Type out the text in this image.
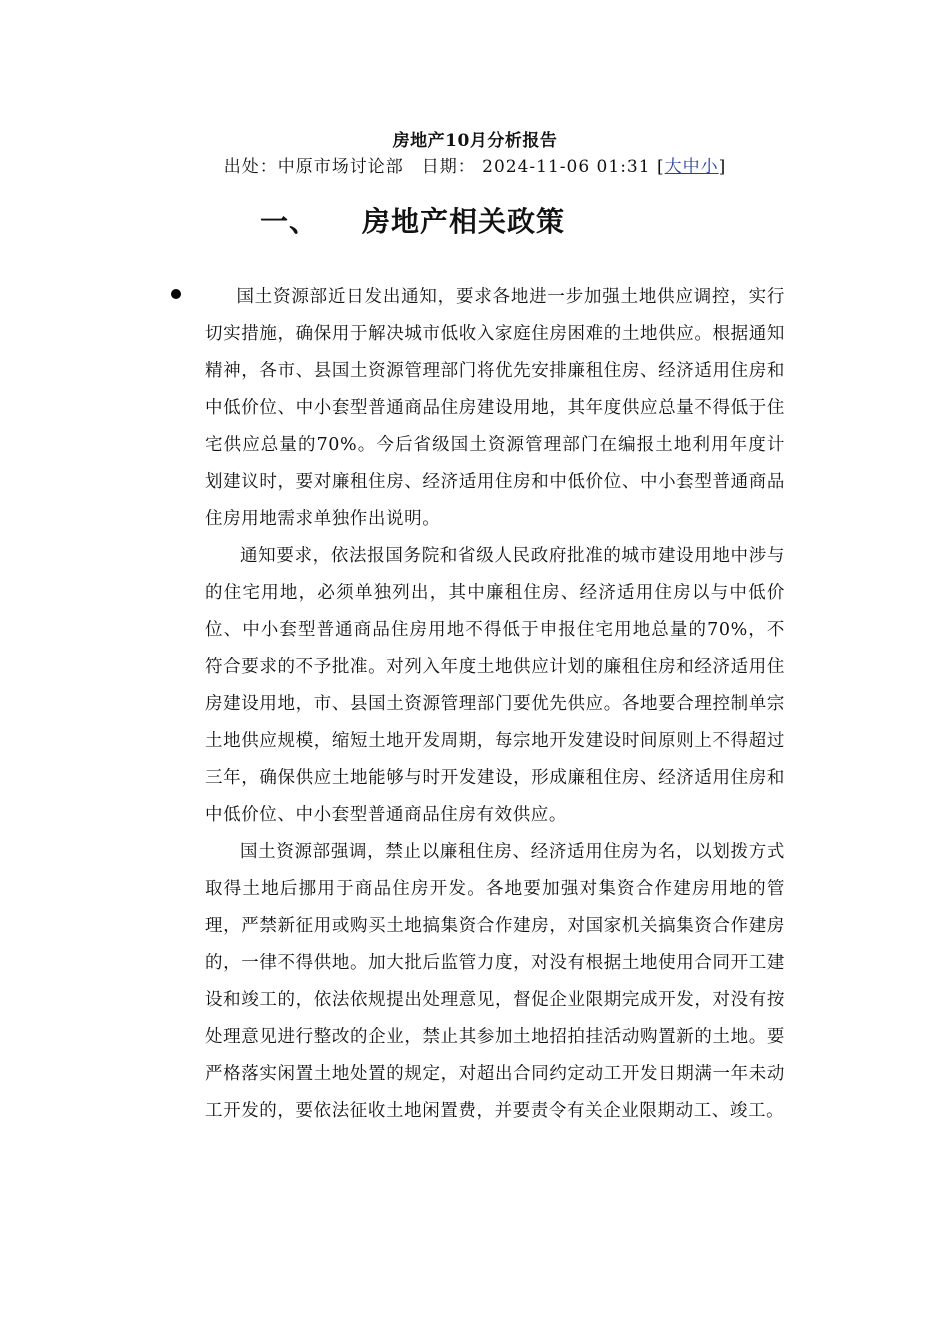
房地产10月分析报告
出处：中原市场讨论部 日期： 2024-11-06 01:31 [大中小]
一、 房地产相关政策

国土资源部近日发出通知，要求各地进一步加强土地供应调控，实行切实措施，确保用于解决城市低收入家庭住房困难的土地供应。根据通知精神，各市、县国土资源管理部门将优先安排廉租住房、经济适用住房和中低价位、中小套型普通商品住房建设用地，其年度供应总量不得低于住宅供应总量的70%。今后省级国土资源管理部门在编报土地利用年度计划建议时，要对廉租住房、经济适用住房和中低价位、中小套型普通商品住房用地需求单独作出说明。

通知要求，依法报国务院和省级人民政府批准的城市建设用地中涉与的住宅用地，必须单独列出，其中廉租住房、经济适用住房以与中低价位、中小套型普通商品住房用地不得低于申报住宅用地总量的70%，不符合要求的不予批准。对列入年度土地供应计划的廉租住房和经济适用住房建设用地，市、县国土资源管理部门要优先供应。各地要合理控制单宗土地供应规模，缩短土地开发周期，每宗地开发建设时间原则上不得超过三年，确保供应土地能够与时开发建设，形成廉租住房、经济适用住房和中低价位、中小套型普通商品住房有效供应。

国土资源部强调，禁止以廉租住房、经济适用住房为名，以划拨方式取得土地后挪用于商品住房开发。各地要加强对集资合作建房用地的管理，严禁新征用或购买土地搞集资合作建房，对国家机关搞集资合作建房的，一律不得供地。加大批后监管力度，对没有根据土地使用合同开工建设和竣工的，依法依规提出处理意见，督促企业限期完成开发，对没有按处理意见进行整改的企业，禁止其参加土地招拍挂活动购置新的土地。要严格落实闲置土地处置的规定，对超出合同约定动工开发日期满一年未动工开发的，要依法征收土地闲置费，并要责令有关企业限期动工、竣工。
